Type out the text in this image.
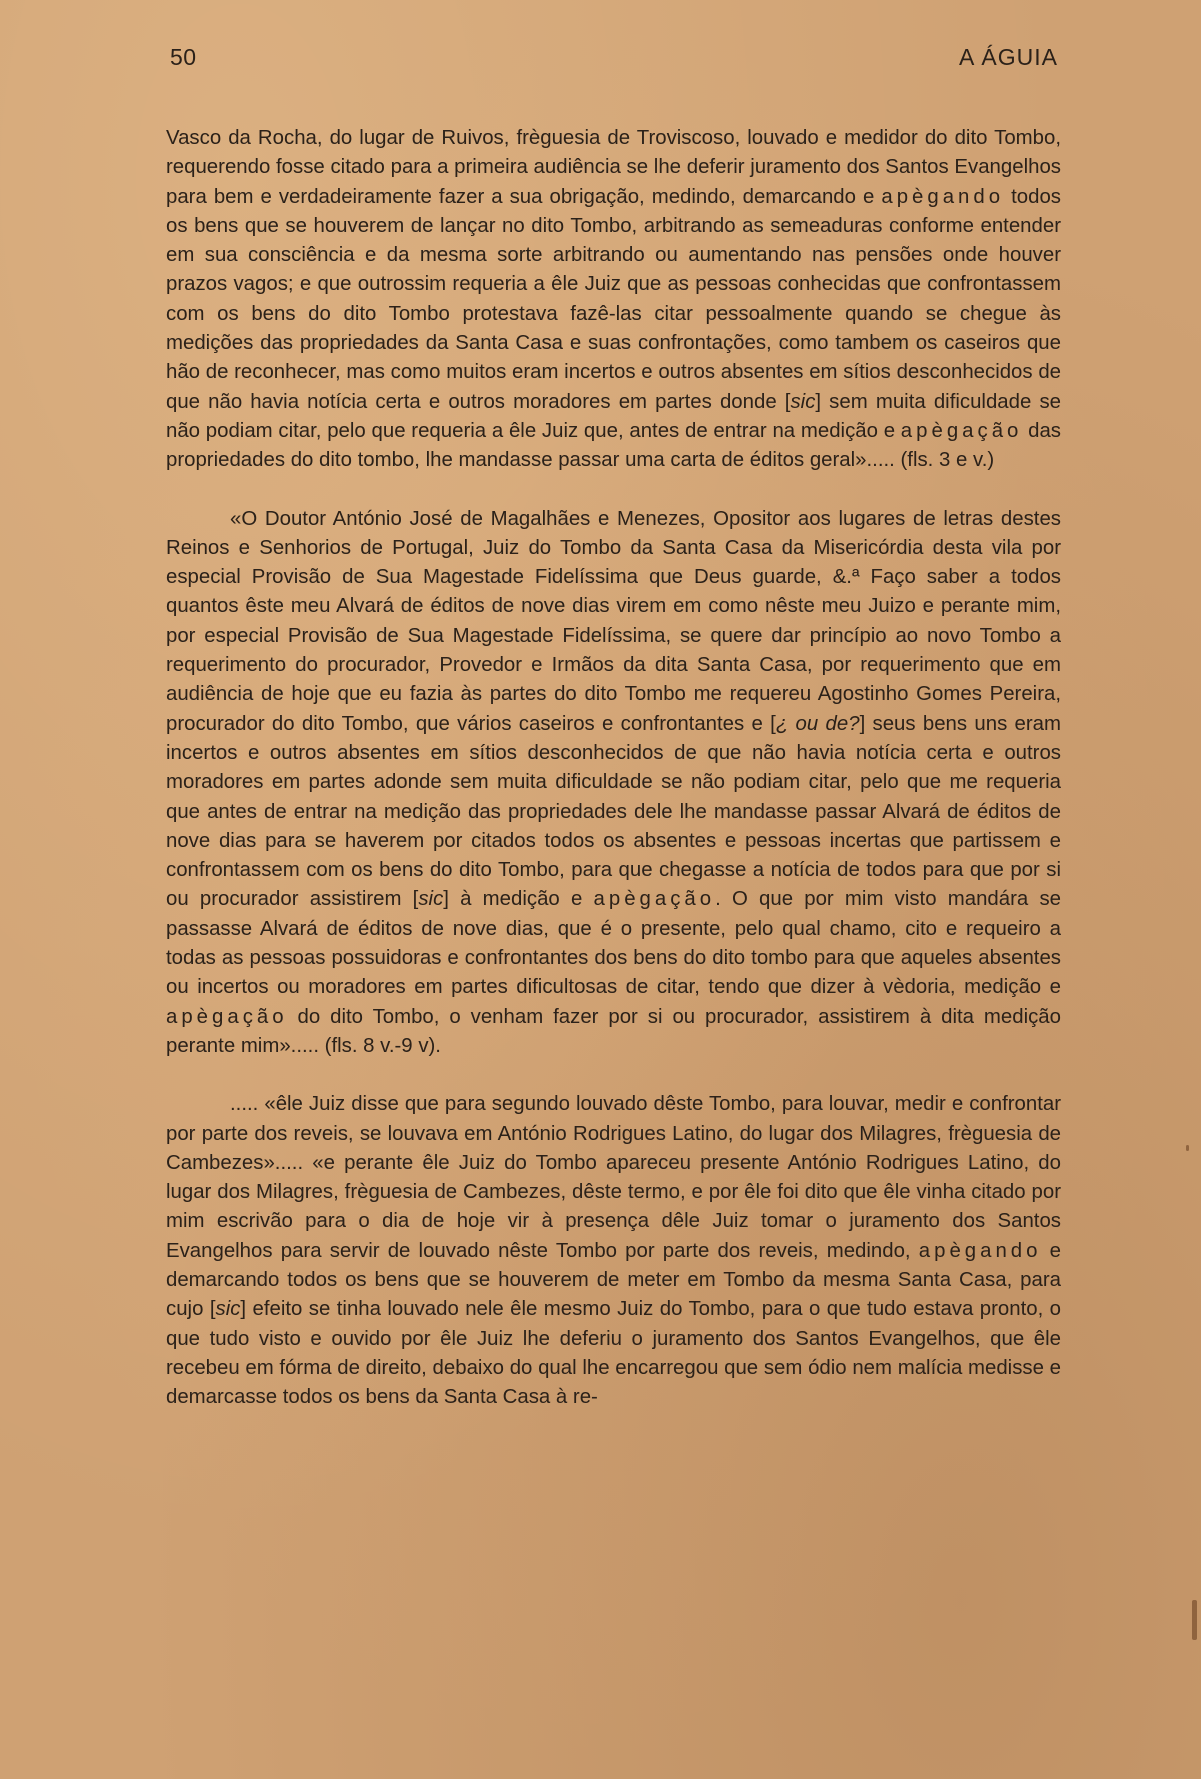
50	A ÁGUIA

Vasco da Rocha, do lugar de Ruivos, frèguesia de Troviscoso, louvado e medidor do dito Tombo, requerendo fosse citado para a primeira audiência se lhe deferir juramento dos Santos Evangelhos para bem e verdadeiramente fazer a sua obrigação, medindo, demarcando e apègando todos os bens que se houverem de lançar no dito Tombo, arbitrando as semeaduras conforme entender em sua consciência e da mesma sorte arbitrando ou aumentando nas pensões onde houver prazos vagos; e que outrossim requeria a êle Juiz que as pessoas conhecidas que confrontassem com os bens do dito Tombo protestava fazê-las citar pessoalmente quando se chegue às medições das propriedades da Santa Casa e suas confrontações, como tambem os caseiros que hão de reconhecer, mas como muitos eram incertos e outros absentes em sítios desconhecidos de que não havia notícia certa e outros moradores em partes donde [sic] sem muita dificuldade se não podiam citar, pelo que requeria a êle Juiz que, antes de entrar na medição e apègação das propriedades do dito tombo, lhe mandasse passar uma carta de éditos geral»..... (fls. 3 e v.)

«O Doutor António José de Magalhães e Menezes, Opositor aos lugares de letras destes Reinos e Senhorios de Portugal, Juiz do Tombo da Santa Casa da Misericórdia desta vila por especial Provisão de Sua Magestade Fidelíssima que Deus guarde, &.ª Faço saber a todos quantos êste meu Alvará de éditos de nove dias virem em como nêste meu Juizo e perante mim, por especial Provisão de Sua Magestade Fidelíssima, se quere dar princípio ao novo Tombo a requerimento do procurador, Provedor e Irmãos da dita Santa Casa, por requerimento que em audiência de hoje que eu fazia às partes do dito Tombo me requereu Agostinho Gomes Pereira, procurador do dito Tombo, que vários caseiros e confrontantes e [¿ ou de?] seus bens uns eram incertos e outros absentes em sítios desconhecidos de que não havia notícia certa e outros moradores em partes adonde sem muita dificuldade se não podiam citar, pelo que me requeria que antes de entrar na medição das propriedades dele lhe mandasse passar Alvará de éditos de nove dias para se haverem por citados todos os absentes e pessoas incertas que partissem e confrontassem com os bens do dito Tombo, para que chegasse a notícia de todos para que por si ou procurador assistirem [sic] à medição e apègação. O que por mim visto mandára se passasse Alvará de éditos de nove dias, que é o presente, pelo qual chamo, cito e requeiro a todas as pessoas possuidoras e confrontantes dos bens do dito tombo para que aqueles absentes ou incertos ou moradores em partes dificultosas de citar, tendo que dizer à vèdoria, medição e apègação do dito Tombo, o venham fazer por si ou procurador, assistirem à dita medição perante mim»..... (fls. 8 v.-9 v).

..... «êle Juiz disse que para segundo louvado dêste Tombo, para louvar, medir e confrontar por parte dos reveis, se louvava em António Rodrigues Latino, do lugar dos Milagres, frèguesia de Cambezes»..... «e perante êle Juiz do Tombo apareceu presente António Rodrigues Latino, do lugar dos Milagres, frèguesia de Cambezes, dêste termo, e por êle foi dito que êle vinha citado por mim escrivão para o dia de hoje vir à presença dêle Juiz tomar o juramento dos Santos Evangelhos para servir de louvado nêste Tombo por parte dos reveis, medindo, apègando e demarcando todos os bens que se houverem de meter em Tombo da mesma Santa Casa, para cujo [sic] efeito se tinha louvado nele êle mesmo Juiz do Tombo, para o que tudo estava pronto, o que tudo visto e ouvido por êle Juiz lhe deferiu o juramento dos Santos Evangelhos, que êle recebeu em fórma de direito, debaixo do qual lhe encarregou que sem ódio nem malícia medisse e demarcasse todos os bens da Santa Casa à re-
